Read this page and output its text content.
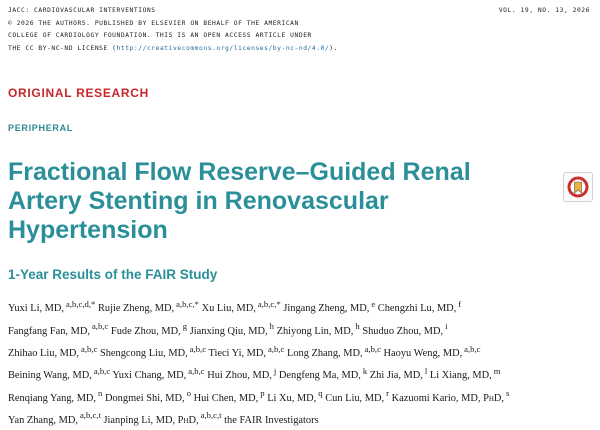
JACC: CARDIOVASCULAR INTERVENTIONS
© 2026 THE AUTHORS. PUBLISHED BY ELSEVIER ON BEHALF OF THE AMERICAN
COLLEGE OF CARDIOLOGY FOUNDATION. THIS IS AN OPEN ACCESS ARTICLE UNDER
THE CC BY-NC-ND LICENSE (http://creativecommons.org/licenses/by-nc-nd/4.0/).
VOL. 19, NO. 13, 2026
ORIGINAL RESEARCH
PERIPHERAL
Fractional Flow Reserve–Guided Renal Artery Stenting in Renovascular Hypertension
1-Year Results of the FAIR Study
Yuxi Li, MD, $^{a,b,c,d,*}$ Rujie Zheng, MD, $^{a,b,c,*}$ Xu Liu, MD, $^{a,b,c,*}$ Jingang Zheng, MD, $^e$ Chengzhi Lu, MD, $^f$
Fangfang Fan, MD, $^{a,b,c}$ Fude Zhou, MD, $^g$ Jianxing Qiu, MD, $^h$ Zhiyong Lin, MD, $^h$ Shuduo Zhou, MD, $^i$
Zhihao Liu, MD, $^{a,b,c}$ Shengcong Liu, MD, $^{a,b,c}$ Tieci Yi, MD, $^{a,b,c}$ Long Zhang, MD, $^{a,b,c}$ Haoyu Weng, MD, $^{a,b,c}$
Beining Wang, MD, $^{a,b,c}$ Yuxi Chang, MD, $^{a,b,c}$ Hui Zhou, MD, $^j$ Dengfeng Ma, MD, $^k$ Zhi Jia, MD, $^l$ Li Xiang, MD, $^m$
Renqiang Yang, MD, $^n$ Dongmei Shi, MD, $^o$ Hui Chen, MD, $^p$ Li Xu, MD, $^q$ Cun Liu, MD, $^r$ Kazuomi Kario, MD, PhD, $^s$
Yan Zhang, MD, $^{a,b,c,t}$ Jianping Li, MD, PhD, $^{a,b,c,t}$ the FAIR Investigators
